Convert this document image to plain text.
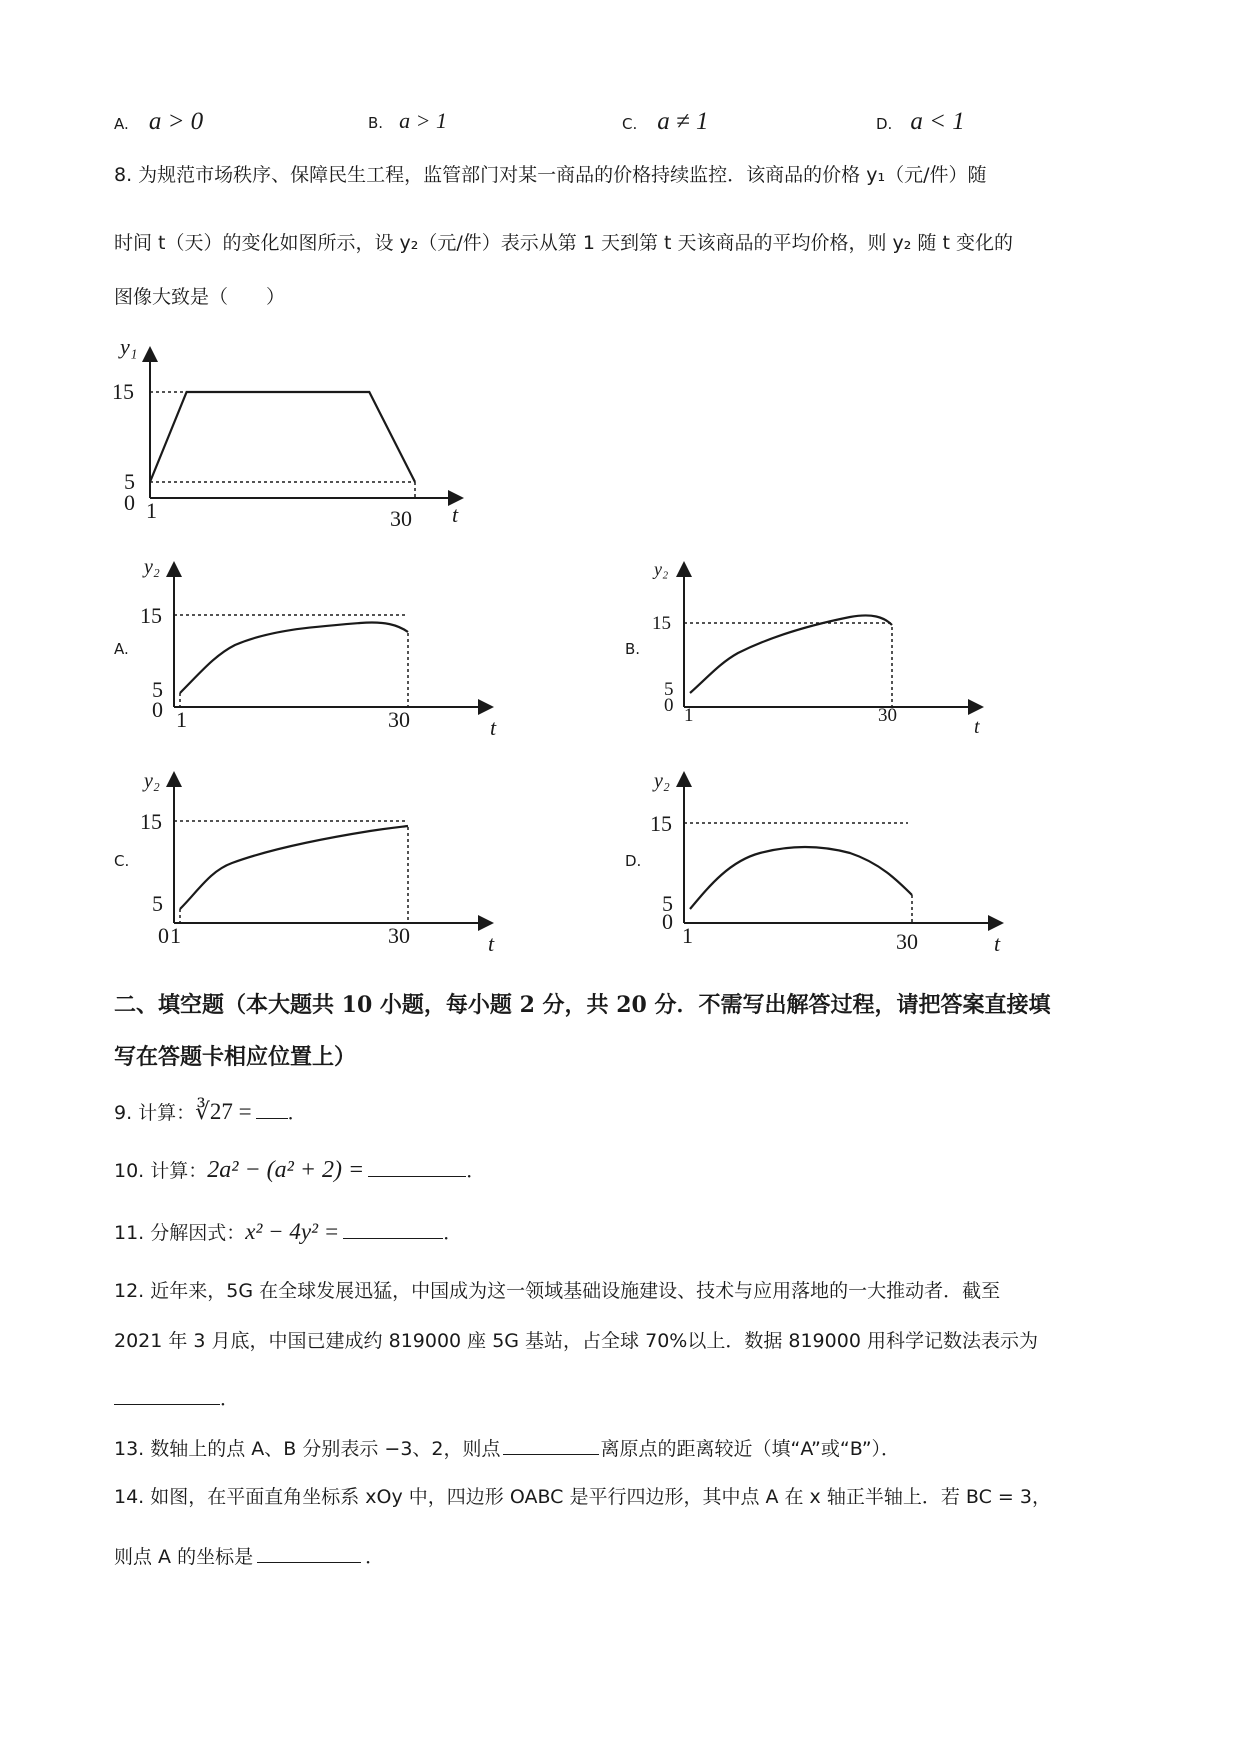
A. a > 0	B. a > 1	C. a ≠ 1	D. a < 1
8. 为规范市场秩序、保障民生工程，监管部门对某一商品的价格持续监控．该商品的价格 y₁（元/件）随
时间 t（天）的变化如图所示，设 y₂（元/件）表示从第 1 天到第 t 天该商品的平均价格，则 y₂ 随 t 变化的
图像大致是（　　）
y₁
15
5
0 1	30 t
A.
y₂
15
5
0 1	30	t
B.
y₂
15
5
0 1	30
t
C.
y₂
15
5
0 1	30	t
D.
y₂
15
5
0
1	30	t
二、填空题（本大题共 10 小题，每小题 2 分，共 20 分．不需写出解答过程，请把答案直接填
写在答题卡相应位置上）
9. 计算：∛27 = ．
10. 计算：2a² − (a² + 2) =	．
11. 分解因式：x² − 4y² =	．
12. 近年来，5G 在全球发展迅猛，中国成为这一领域基础设施建设、技术与应用落地的一大推动者．截至
2021 年 3 月底，中国已建成约 819000 座 5G 基站，占全球 70%以上．数据 819000 用科学记数法表示为
．
13. 数轴上的点 A、B 分别表示 −3、2，则点	离原点的距离较近（填“A”或“B”）．
14. 如图，在平面直角坐标系 xOy 中，四边形 OABC 是平行四边形，其中点 A 在 x 轴正半轴上．若 BC = 3，
则点 A 的坐标是	．
